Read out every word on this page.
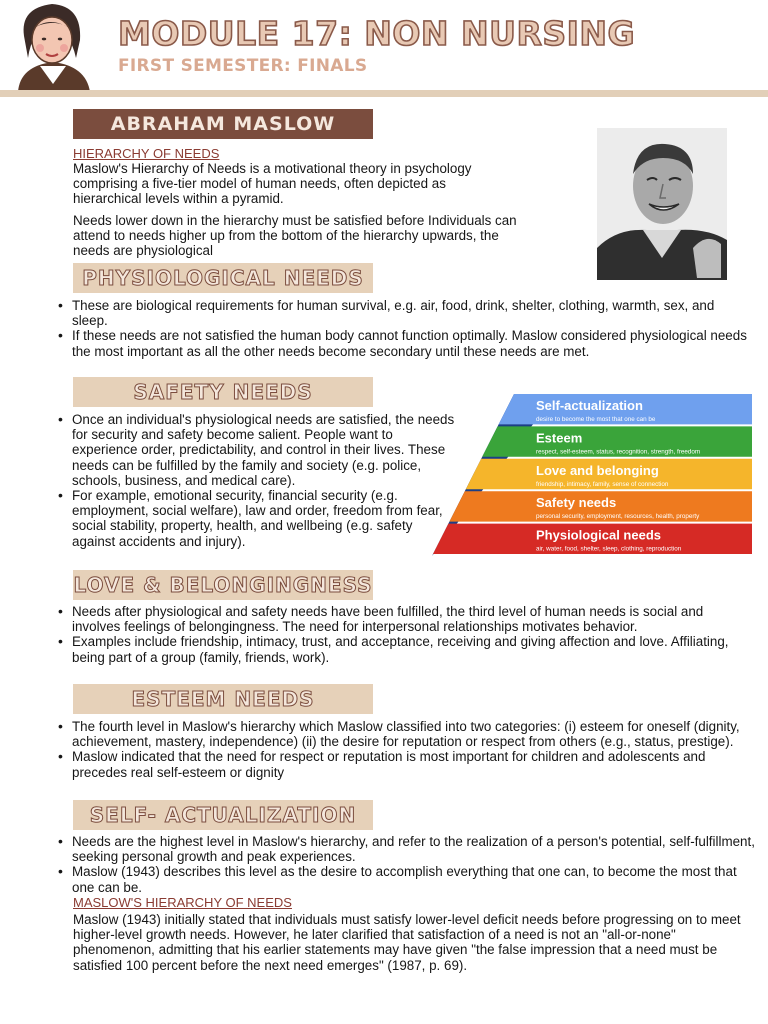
MODULE 17: NON NURSING
FIRST SEMESTER: FINALS
ABRAHAM MASLOW

HIERARCHY OF NEEDS

Maslow's Hierarchy of Needs is a motivational theory in psychology comprising a five-tier model of human needs, often depicted as hierarchical levels within a pyramid.

Needs lower down in the hierarchy must be satisfied before Individuals can attend to needs higher up from the bottom of the hierarchy upwards, the needs are physiological

PHYSIOLOGICAL NEEDS
• These are biological requirements for human survival, e.g. air, food, drink, shelter, clothing, warmth, sex, and sleep.
• If these needs are not satisfied the human body cannot function optimally. Maslow considered physiological needs the most important as all the other needs become secondary until these needs are met.
SAFETY NEEDS
• Once an individual's physiological needs are satisfied, the needs for security and safety become salient. People want to experience order, predictability, and control in their lives. These needs can be fulfilled by the family and society (e.g. police, schools, business, and medical care).
• For example, emotional security, financial security (e.g. employment, social welfare), law and order, freedom from fear, social stability, property, health, and wellbeing (e.g. safety against accidents and injury).
Self-actualization
desire to become the most that one can be
Esteem
respect, self-esteem, status, recognition, strength, freedom
Love and belonging
friendship, intimacy, family, sense of connection
Safety needs
personal security, employment, resources, health, property
Physiological needs
air, water, food, shelter, sleep, clothing, reproduction
LOVE & BELONGINGNESS
• Needs after physiological and safety needs have been fulfilled, the third level of human needs is social and involves feelings of belongingness. The need for interpersonal relationships motivates behavior.
• Examples include friendship, intimacy, trust, and acceptance, receiving and giving affection and love. Affiliating, being part of a group (family, friends, work).
ESTEEM NEEDS
• The fourth level in Maslow's hierarchy which Maslow classified into two categories: (i) esteem for oneself (dignity, achievement, mastery, independence) (ii) the desire for reputation or respect from others (e.g., status, prestige).
• Maslow indicated that the need for respect or reputation is most important for children and adolescents and precedes real self-esteem or dignity
SELF- ACTUALIZATION
• Needs are the highest level in Maslow's hierarchy, and refer to the realization of a person's potential, self-fulfillment, seeking personal growth and peak experiences.
• Maslow (1943) describes this level as the desire to accomplish everything that one can, to become the most that one can be.

MASLOW'S HIERARCHY OF NEEDS

Maslow (1943) initially stated that individuals must satisfy lower-level deficit needs before progressing on to meet higher-level growth needs. However, he later clarified that satisfaction of a need is not an "all-or-none" phenomenon, admitting that his earlier statements may have given "the false impression that a need must be satisfied 100 percent before the next need emerges" (1987, p. 69).
